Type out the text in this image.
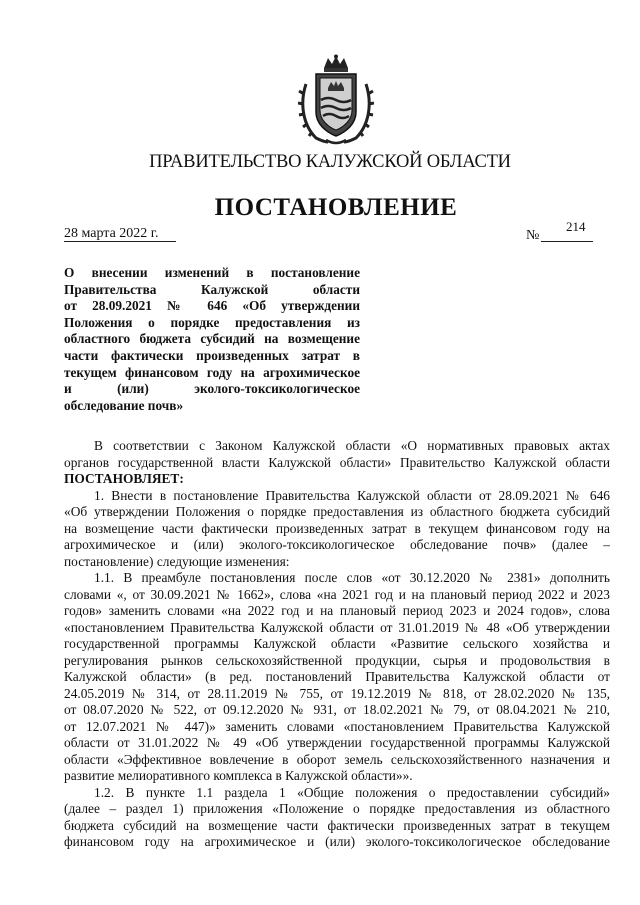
ПРАВИТЕЛЬСТВО КАЛУЖСКОЙ ОБЛАСТИ
ПОСТАНОВЛЕНИЕ
28 марта 2022 г.	№
214
О внесении изменений в постановление
Правительства Калужской области
от 28.09.2021 № 646 «Об утверждении
Положения о порядке предоставления из
областного бюджета субсидий на возмещение
части фактически произведенных затрат в
текущем финансовом году на агрохимическое
и (или) эколого-токсикологическое
обследование почв»
В соответствии с Законом Калужской области «О нормативных правовых актах
органов государственной власти Калужской области» Правительство Калужской области
ПОСТАНОВЛЯЕТ:
1. Внести в постановление Правительства Калужской области от 28.09.2021 № 646
«Об утверждении Положения о порядке предоставления из областного бюджета субсидий
на возмещение части фактически произведенных затрат в текущем финансовом году на
агрохимическое и (или) эколого-токсикологическое обследование почв» (далее –
постановление) следующие изменения:
1.1. В преамбуле постановления после слов «от 30.12.2020 № 2381» дополнить
словами «, от 30.09.2021 № 1662», слова «на 2021 год и на плановый период 2022 и 2023
годов» заменить словами «на 2022 год и на плановый период 2023 и 2024 годов», слова
«постановлением Правительства Калужской области от 31.01.2019 № 48 «Об утверждении
государственной программы Калужской области «Развитие сельского хозяйства и
регулирования рынков сельскохозяйственной продукции, сырья и продовольствия в
Калужской области» (в ред. постановлений Правительства Калужской области от
24.05.2019 № 314, от 28.11.2019 № 755, от 19.12.2019 № 818, от 28.02.2020 № 135,
от 08.07.2020 № 522, от 09.12.2020 № 931, от 18.02.2021 № 79, от 08.04.2021 № 210,
от 12.07.2021 № 447)» заменить словами «постановлением Правительства Калужской
области от 31.01.2022 № 49 «Об утверждении государственной программы Калужской
области «Эффективное вовлечение в оборот земель сельскохозяйственного назначения и
развитие мелиоративного комплекса в Калужской области»».
1.2. В пункте 1.1 раздела 1 «Общие положения о предоставлении субсидий»
(далее – раздел 1) приложения «Положение о порядке предоставления из областного
бюджета субсидий на возмещение части фактически произведенных затрат в текущем
финансовом году на агрохимическое и (или) эколого-токсикологическое обследование
